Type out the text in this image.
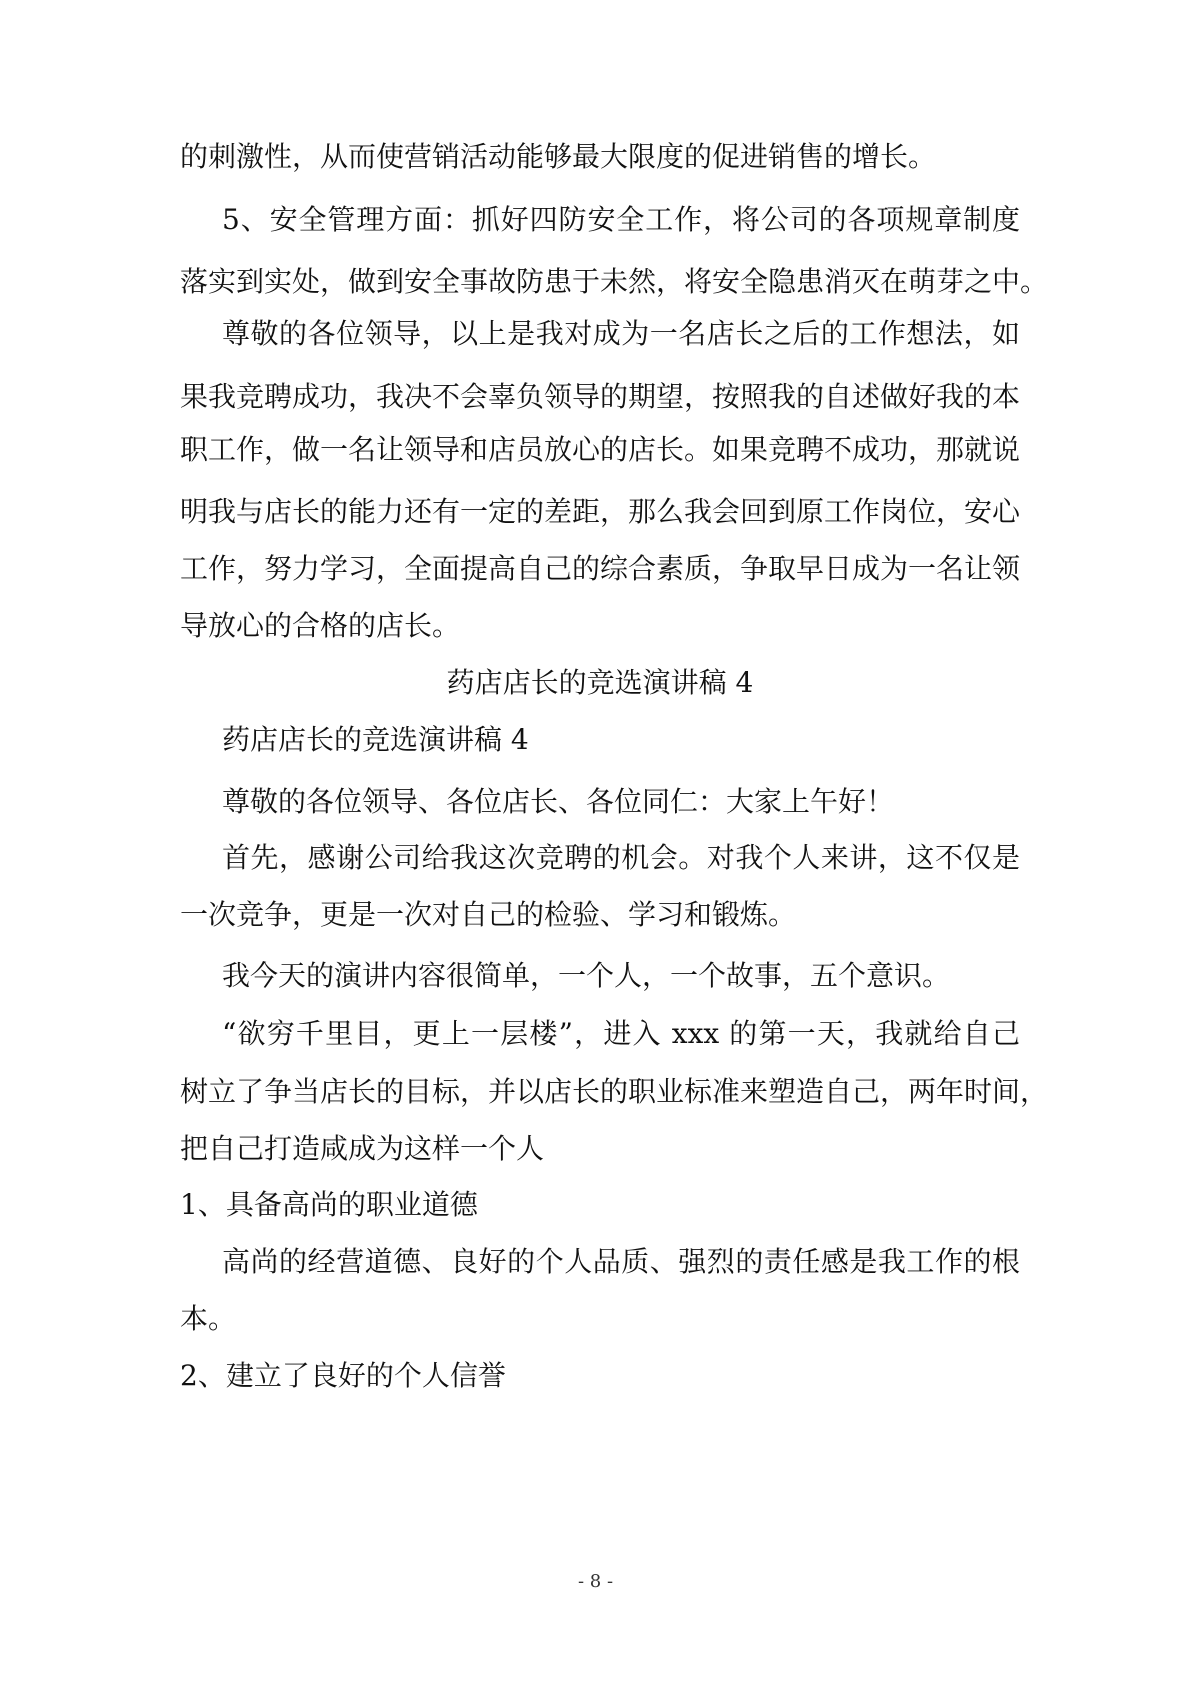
的刺激性，从而使营销活动能够最大限度的促进销售的增长。
5、安全管理方面：抓好四防安全工作，将公司的各项规章制度
落实到实处，做到安全事故防患于未然，将安全隐患消灭在萌芽之中。
尊敬的各位领导，以上是我对成为一名店长之后的工作想法，如
果我竞聘成功，我决不会辜负领导的期望，按照我的自述做好我的本
职工作，做一名让领导和店员放心的店长。如果竞聘不成功，那就说
明我与店长的能力还有一定的差距，那么我会回到原工作岗位，安心
工作，努力学习，全面提高自己的综合素质，争取早日成为一名让领
导放心的合格的店长。
药店店长的竞选演讲稿 4
药店店长的竞选演讲稿 4
尊敬的各位领导、各位店长、各位同仁：大家上午好！
首先，感谢公司给我这次竞聘的机会。对我个人来讲，这不仅是
一次竞争，更是一次对自己的检验、学习和锻炼。
我今天的演讲内容很简单，一个人，一个故事，五个意识。
“欲穷千里目，更上一层楼”，进入 xxx 的第一天，我就给自己
树立了争当店长的目标，并以店长的职业标准来塑造自己，两年时间，
把自己打造咸成为这样一个人
1、具备高尚的职业道德
高尚的经营道德、良好的个人品质、强烈的责任感是我工作的根
本。
2、建立了良好的个人信誉
- 8 -
